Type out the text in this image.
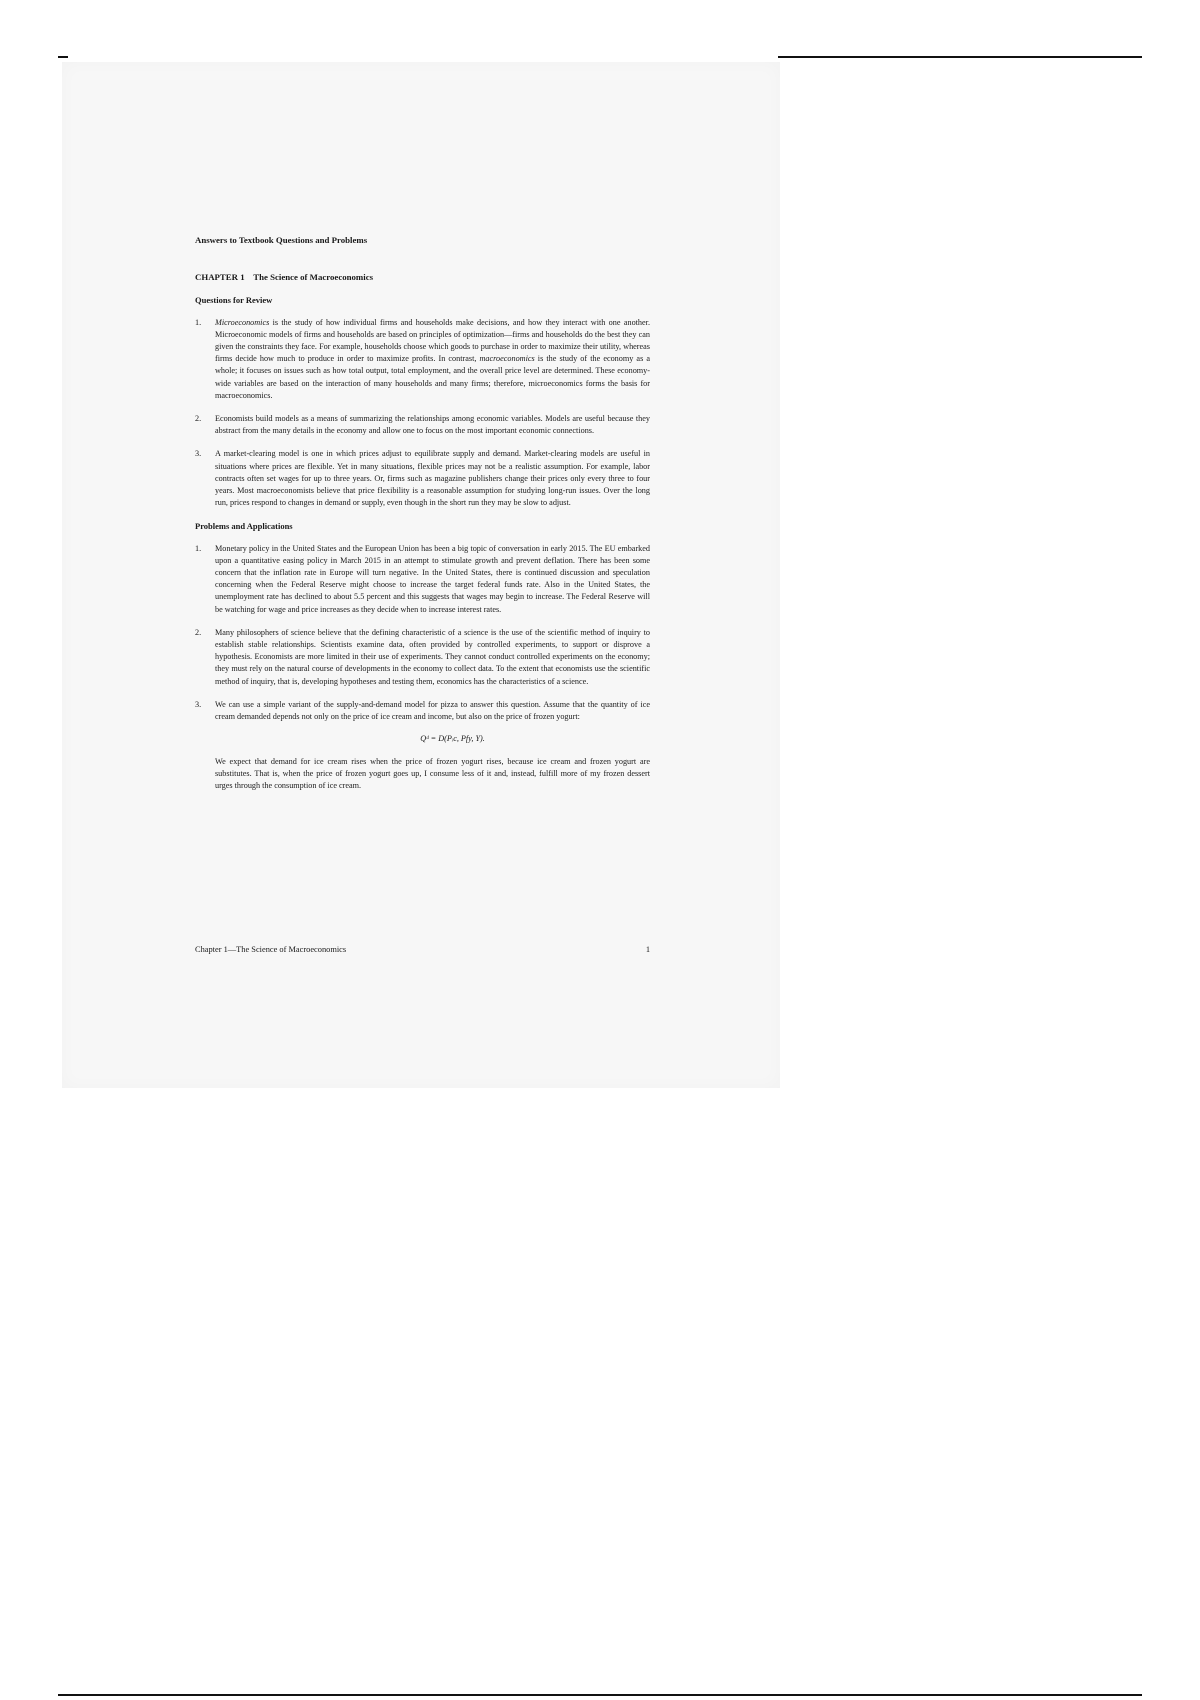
Answers to Textbook Questions and Problems
CHAPTER 1    The Science of Macroeconomics
Questions for Review
1.	Microeconomics is the study of how individual firms and households make decisions, and how they interact with one another. Microeconomic models of firms and households are based on principles of optimization—firms and households do the best they can given the constraints they face. For example, households choose which goods to purchase in order to maximize their utility, whereas firms decide how much to produce in order to maximize profits. In contrast, macroeconomics is the study of the economy as a whole; it focuses on issues such as how total output, total employment, and the overall price level are determined. These economy-wide variables are based on the interaction of many households and many firms; therefore, microeconomics forms the basis for macroeconomics.
2.	Economists build models as a means of summarizing the relationships among economic variables. Models are useful because they abstract from the many details in the economy and allow one to focus on the most important economic connections.
3.	A market-clearing model is one in which prices adjust to equilibrate supply and demand. Market-clearing models are useful in situations where prices are flexible. Yet in many situations, flexible prices may not be a realistic assumption. For example, labor contracts often set wages for up to three years. Or, firms such as magazine publishers change their prices only every three to four years. Most macroeconomists believe that price flexibility is a reasonable assumption for studying long-run issues. Over the long run, prices respond to changes in demand or supply, even though in the short run they may be slow to adjust.
Problems and Applications
1.	Monetary policy in the United States and the European Union has been a big topic of conversation in early 2015. The EU embarked upon a quantitative easing policy in March 2015 in an attempt to stimulate growth and prevent deflation. There has been some concern that the inflation rate in Europe will turn negative. In the United States, there is continued discussion and speculation concerning when the Federal Reserve might choose to increase the target federal funds rate. Also in the United States, the unemployment rate has declined to about 5.5 percent and this suggests that wages may begin to increase. The Federal Reserve will be watching for wage and price increases as they decide when to increase interest rates.
2.	Many philosophers of science believe that the defining characteristic of a science is the use of the scientific method of inquiry to establish stable relationships. Scientists examine data, often provided by controlled experiments, to support or disprove a hypothesis. Economists are more limited in their use of experiments. They cannot conduct controlled experiments on the economy; they must rely on the natural course of developments in the economy to collect data. To the extent that economists use the scientific method of inquiry, that is, developing hypotheses and testing them, economics has the characteristics of a science.
3.	We can use a simple variant of the supply-and-demand model for pizza to answer this question. Assume that the quantity of ice cream demanded depends not only on the price of ice cream and income, but also on the price of frozen yogurt:
Qᵈ = D(Pᵢc, Pfy, Y).
We expect that demand for ice cream rises when the price of frozen yogurt rises, because ice cream and frozen yogurt are substitutes. That is, when the price of frozen yogurt goes up, I consume less of it and, instead, fulfill more of my frozen dessert urges through the consumption of ice cream.
Chapter 1—The Science of Macroeconomics	1
